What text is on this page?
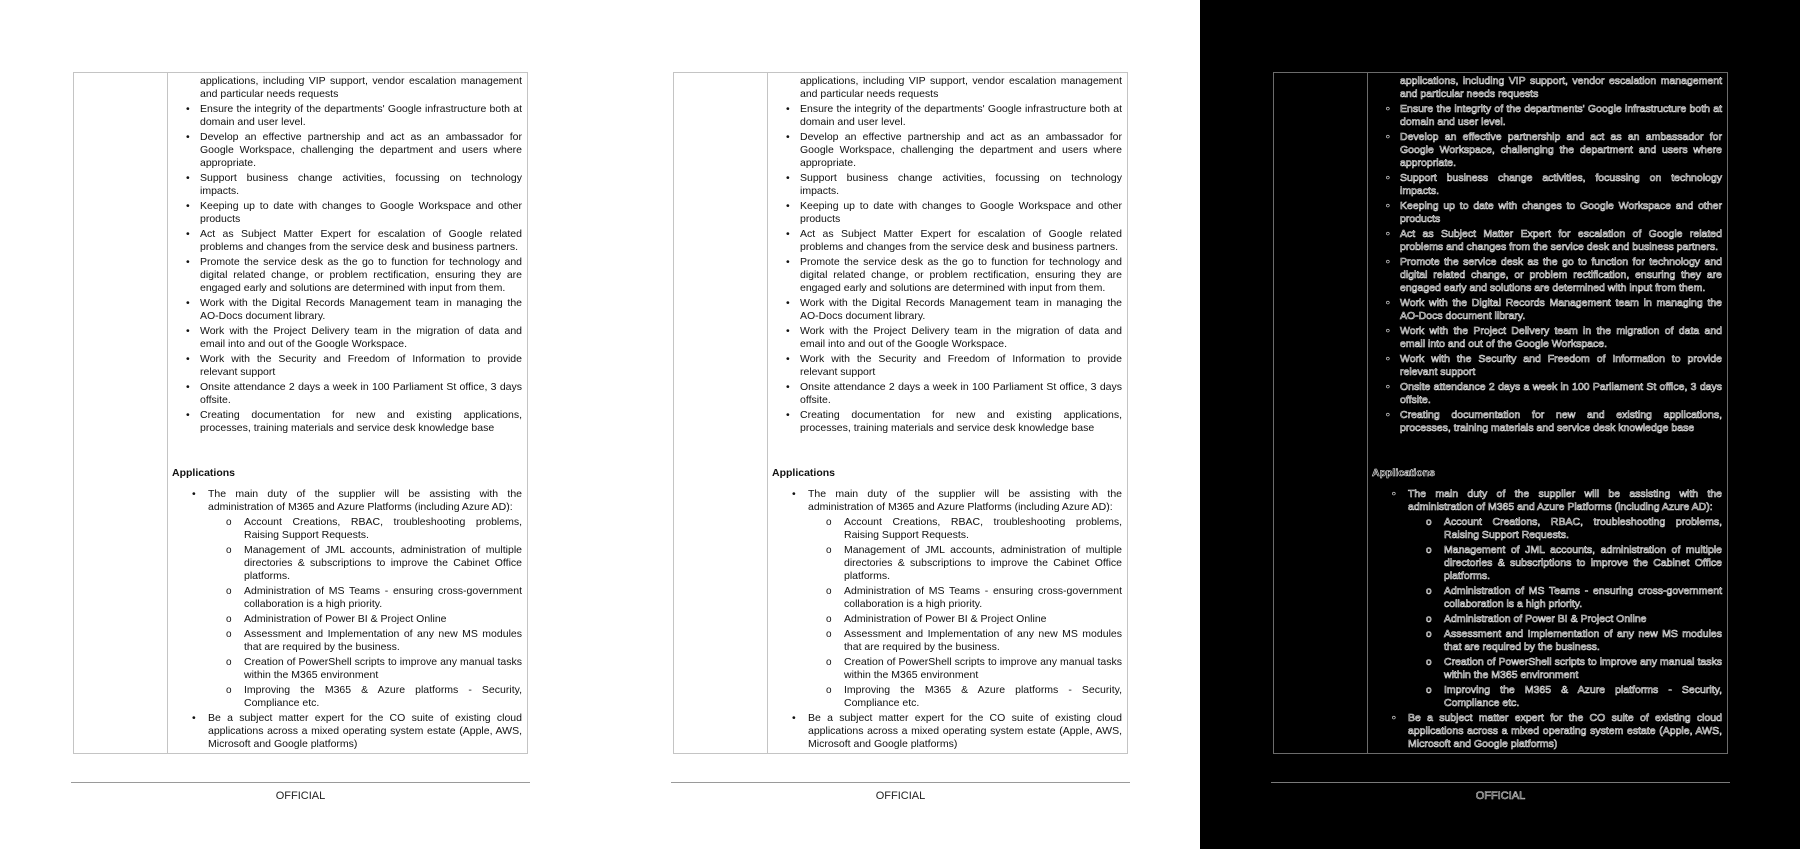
applications, including VIP support, vendor escalation management and particular needs requests
• Ensure the integrity of the departments' Google infrastructure both at domain and user level.
• Develop an effective partnership and act as an ambassador for Google Workspace, challenging the department and users where appropriate.
• Support business change activities, focussing on technology impacts.
• Keeping up to date with changes to Google Workspace and other products
• Act as Subject Matter Expert for escalation of Google related problems and changes from the service desk and business partners.
• Promote the service desk as the go to function for technology and digital related change, or problem rectification, ensuring they are engaged early and solutions are determined with input from them.
• Work with the Digital Records Management team in managing the AO-Docs document library.
• Work with the Project Delivery team in the migration of data and email into and out of the Google Workspace.
• Work with the Security and Freedom of Information to provide relevant support
• Onsite attendance 2 days a week in 100 Parliament St office, 3 days offsite.
• Creating documentation for new and existing applications, processes, training materials and service desk knowledge base
Applications
• The main duty of the supplier will be assisting with the administration of M365 and Azure Platforms (including Azure AD):
o Account Creations, RBAC, troubleshooting problems, Raising Support Requests.
o Management of JML accounts, administration of multiple directories & subscriptions to improve the Cabinet Office platforms.
o Administration of MS Teams - ensuring cross-government collaboration is a high priority.
o Administration of Power BI & Project Online
o Assessment and Implementation of any new MS modules that are required by the business.
o Creation of PowerShell scripts to improve any manual tasks within the M365 environment
o Improving the M365 & Azure platforms - Security, Compliance etc.
• Be a subject matter expert for the CO suite of existing cloud applications across a mixed operating system estate (Apple, AWS, Microsoft and Google platforms)
•
OFFICIAL
applications, including VIP support, vendor escalation management and particular needs requests
• Ensure the integrity of the departments' Google infrastructure both at domain and user level.
• Develop an effective partnership and act as an ambassador for Google Workspace, challenging the department and users where appropriate.
• Support business change activities, focussing on technology impacts.
• Keeping up to date with changes to Google Workspace and other products
• Act as Subject Matter Expert for escalation of Google related problems and changes from the service desk and business partners.
• Promote the service desk as the go to function for technology and digital related change, or problem rectification, ensuring they are engaged early and solutions are determined with input from them.
• Work with the Digital Records Management team in managing the AO-Docs document library.
• Work with the Project Delivery team in the migration of data and email into and out of the Google Workspace.
• Work with the Security and Freedom of Information to provide relevant support
• Onsite attendance 2 days a week in 100 Parliament St office, 3 days offsite.
• Creating documentation for new and existing applications, processes, training materials and service desk knowledge base
Applications
• The main duty of the supplier will be assisting with the administration of M365 and Azure Platforms (including Azure AD):
o Account Creations, RBAC, troubleshooting problems, Raising Support Requests.
o Management of JML accounts, administration of multiple directories & subscriptions to improve the Cabinet Office platforms.
o Administration of MS Teams - ensuring cross-government collaboration is a high priority.
o Administration of Power BI & Project Online
o Assessment and Implementation of any new MS modules that are required by the business.
o Creation of PowerShell scripts to improve any manual tasks within the M365 environment
o Improving the M365 & Azure platforms - Security, Compliance etc.
• Be a subject matter expert for the CO suite of existing cloud applications across a mixed operating system estate (Apple, AWS, Microsoft and Google platforms)
•
OFFICIAL
applications, including VIP support, vendor escalation management and particular needs requests
• Ensure the integrity of the departments' Google infrastructure both at domain and user level.
• Develop an effective partnership and act as an ambassador for Google Workspace, challenging the department and users where appropriate.
• Support business change activities, focussing on technology impacts.
• Keeping up to date with changes to Google Workspace and other products
• Act as Subject Matter Expert for escalation of Google related problems and changes from the service desk and business partners.
• Promote the service desk as the go to function for technology and digital related change, or problem rectification, ensuring they are engaged early and solutions are determined with input from them.
• Work with the Digital Records Management team in managing the AO-Docs document library.
• Work with the Project Delivery team in the migration of data and email into and out of the Google Workspace.
• Work with the Security and Freedom of Information to provide relevant support
• Onsite attendance 2 days a week in 100 Parliament St office, 3 days offsite.
• Creating documentation for new and existing applications, processes, training materials and service desk knowledge base
Applications
• The main duty of the supplier will be assisting with the administration of M365 and Azure Platforms (including Azure AD):
o Account Creations, RBAC, troubleshooting problems, Raising Support Requests.
o Management of JML accounts, administration of multiple directories & subscriptions to improve the Cabinet Office platforms.
o Administration of MS Teams - ensuring cross-government collaboration is a high priority.
o Administration of Power BI & Project Online
o Assessment and Implementation of any new MS modules that are required by the business.
o Creation of PowerShell scripts to improve any manual tasks within the M365 environment
o Improving the M365 & Azure platforms - Security, Compliance etc.
• Be a subject matter expert for the CO suite of existing cloud applications across a mixed operating system estate (Apple, AWS, Microsoft and Google platforms)
•
OFFICIAL
